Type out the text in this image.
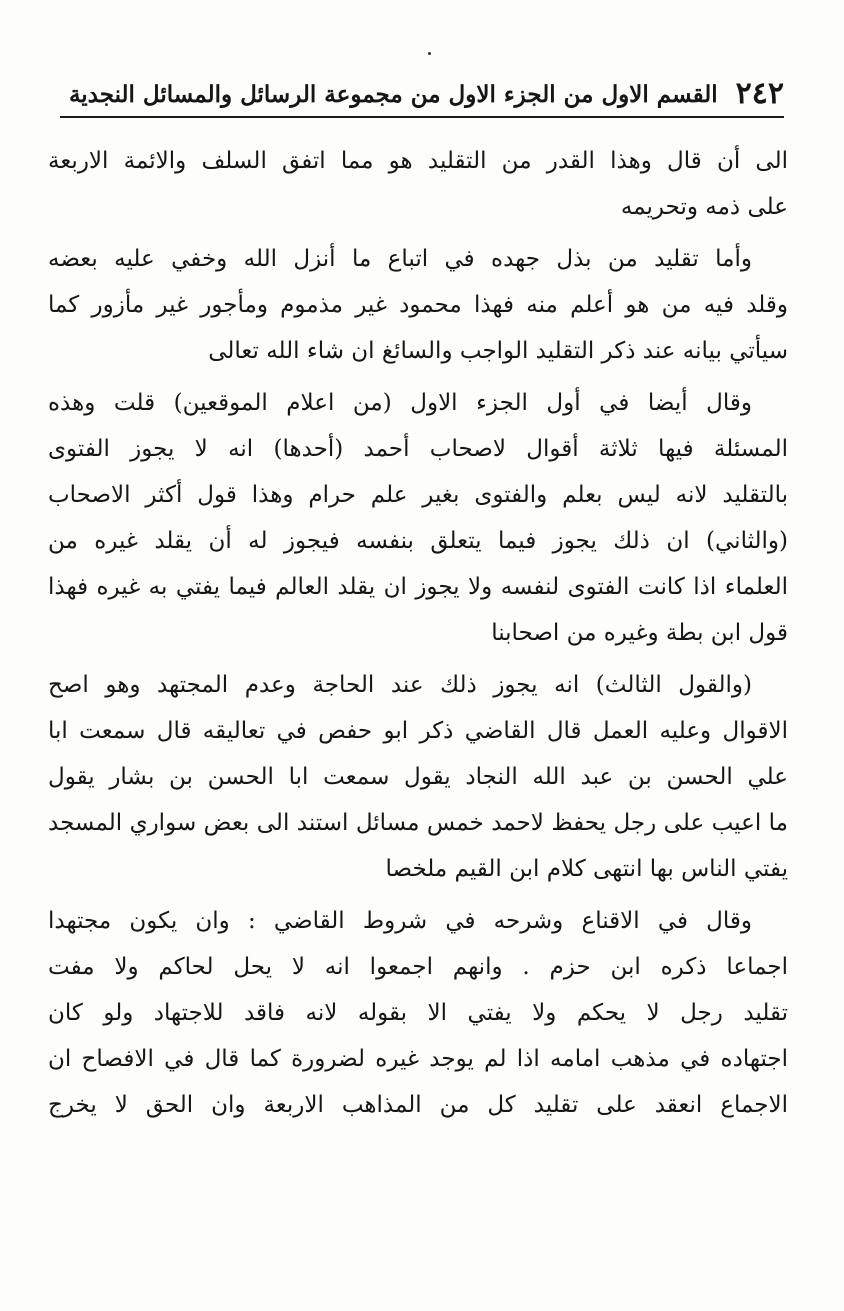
٢٤٢
القسم الاول من الجزء الاول من مجموعة الرسائل والمسائل النجدية
الى أن قال وهذا القدر من التقليد هو مما اتفق السلف والائمة الاربعة
على ذمه وتحريمه
وأما تقليد من بذل جهده في اتباع ما أنزل الله وخفي عليه بعضه
وقلد فيه من هو أعلم منه فهذا محمود غير مذموم ومأجور غير مأزور كما
سيأتي بيانه عند ذكر التقليد الواجب والسائغ ان شاء الله تعالى
وقال أيضا في أول الجزء الاول (من اعلام الموقعين) قلت وهذه
المسئلة فيها ثلاثة أقوال لاصحاب أحمد (أحدها) انه لا يجوز الفتوى
بالتقليد لانه ليس بعلم والفتوى بغير علم حرام وهذا قول أكثر الاصحاب
(والثاني) ان ذلك يجوز فيما يتعلق بنفسه فيجوز له أن يقلد غيره من
العلماء اذا كانت الفتوى لنفسه ولا يجوز ان يقلد العالم فيما يفتي به غيره فهذا
قول ابن بطة وغيره من اصحابنا
(والقول الثالث) انه يجوز ذلك عند الحاجة وعدم المجتهد وهو اصح
الاقوال وعليه العمل قال القاضي ذكر ابو حفص في تعاليقه قال سمعت ابا
علي الحسن بن عبد الله النجاد يقول سمعت ابا الحسن بن بشار يقول
ما اعيب على رجل يحفظ لاحمد خمس مسائل استند الى بعض سواري المسجد
يفتي الناس بها انتهى كلام ابن القيم ملخصا
وقال في الاقناع وشرحه في شروط القاضي : وان يكون مجتهدا
اجماعا ذكره ابن حزم . وانهم اجمعوا انه لا يحل لحاكم ولا مفت
تقليد رجل لا يحكم ولا يفتي الا بقوله لانه فاقد للاجتهاد ولو كان
اجتهاده في مذهب امامه اذا لم يوجد غيره لضرورة كما قال في الافصاح ان
الاجماع انعقد على تقليد كل من المذاهب الاربعة وان الحق لا يخرج
